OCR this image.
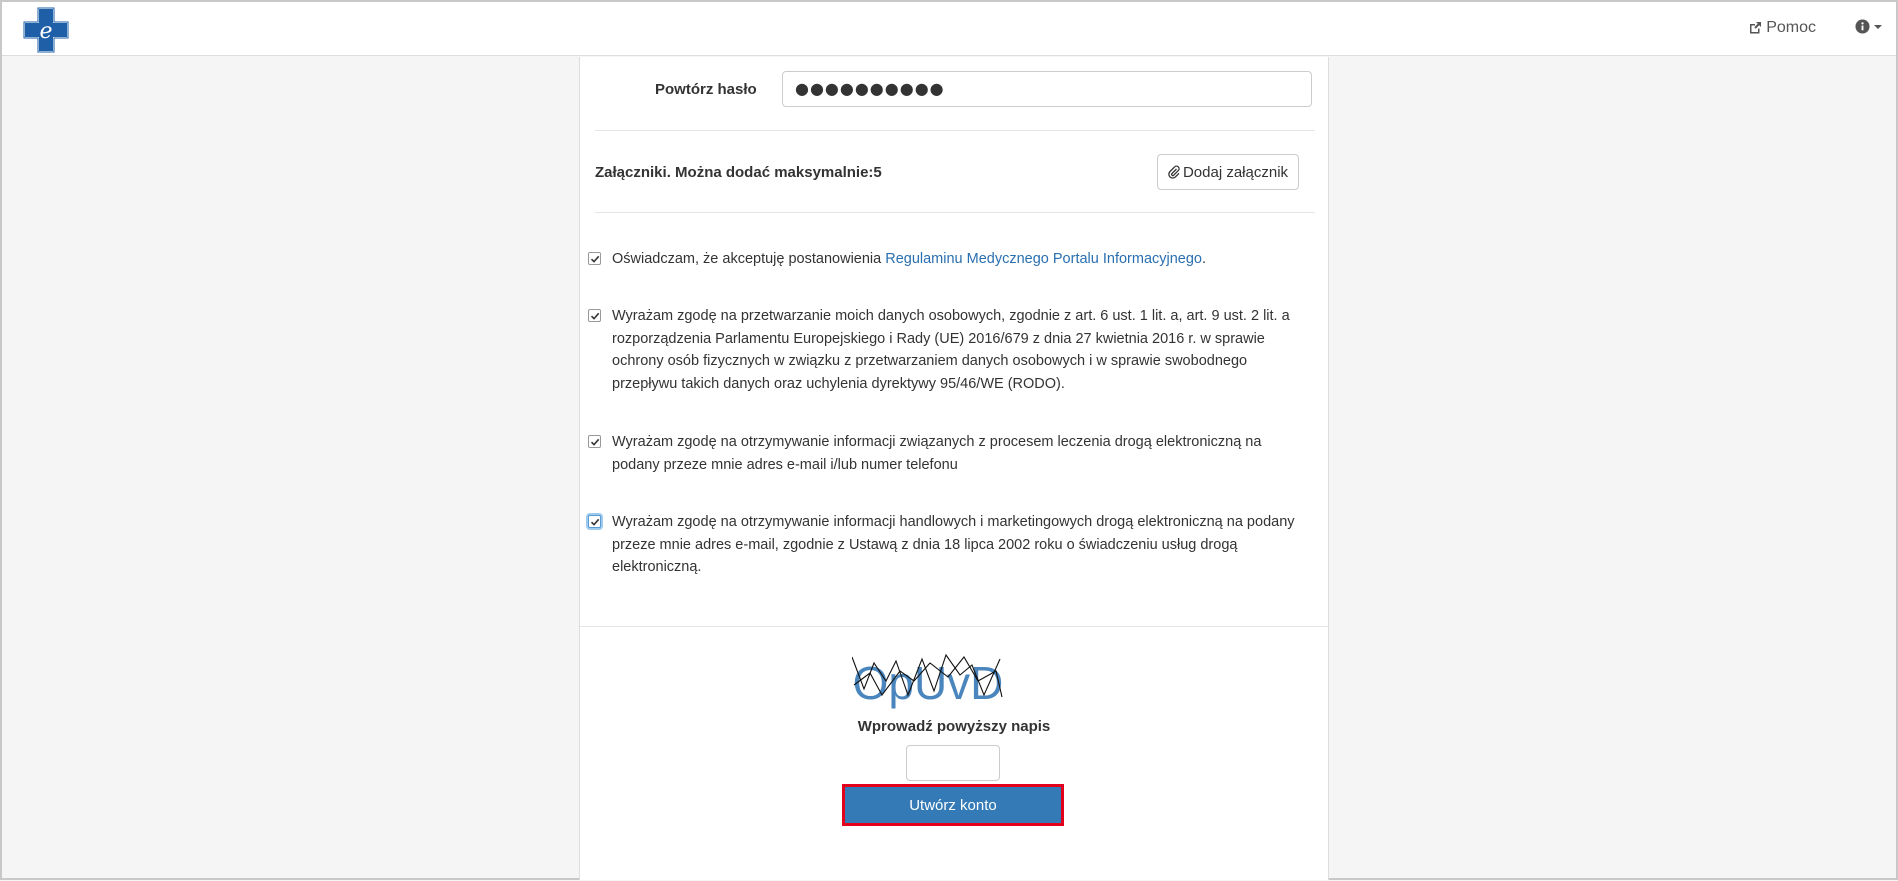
e	Pomoc
Powtórz hasło	●●●●●●●●●●
Załączniki. Można dodać maksymalnie:5	Dodaj załącznik
Oświadczam, że akceptuję postanowienia Regulaminu Medycznego Portalu Informacyjnego.
Wyrażam zgodę na przetwarzanie moich danych osobowych, zgodnie z art. 6 ust. 1 lit. a, art. 9 ust. 2 lit. a rozporządzenia Parlamentu Europejskiego i Rady (UE) 2016/679 z dnia 27 kwietnia 2016 r. w sprawie ochrony osób fizycznych w związku z przetwarzaniem danych osobowych i w sprawie swobodnego przepływu takich danych oraz uchylenia dyrektywy 95/46/WE (RODO).
Wyrażam zgodę na otrzymywanie informacji związanych z procesem leczenia drogą elektroniczną na podany przeze mnie adres e-mail i/lub numer telefonu
Wyrażam zgodę na otrzymywanie informacji handlowych i marketingowych drogą elektroniczną na podany przeze mnie adres e-mail, zgodnie z Ustawą z dnia 18 lipca 2002 roku o świadczeniu usług drogą elektroniczną.
OpUvD
Wprowadź powyższy napis
Utwórz konto
